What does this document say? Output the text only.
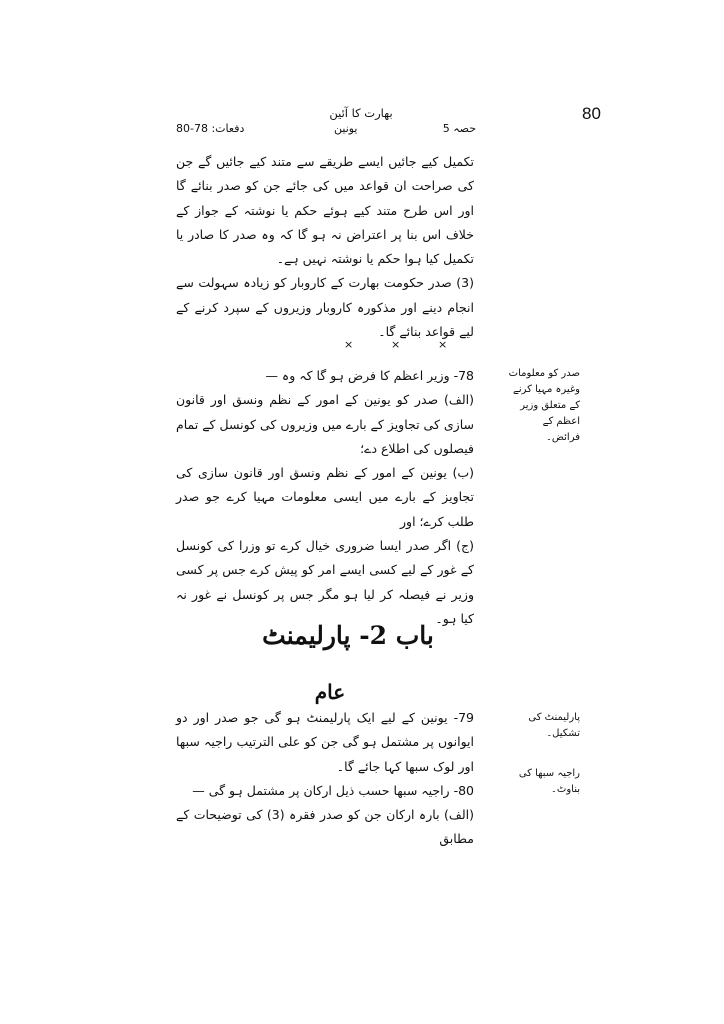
80
بھارت کا آئین
حصہ 5
یونین
دفعات: 78-80

تکمیل کیے جائیں ایسے طریقے سے متند کیے جائیں گے جن کی صراحت ان قواعد میں کی جائے جن کو صدر بنائے گا اور اس طرح متند کیے ہوئے حکم یا نوشتہ کے جواز کے خلاف اس بنا پر اعتراض نہ ہو گا کہ وہ صدر کا صادر یا تکمیل کیا ہوا حکم یا نوشتہ نہیں ہے۔

(3) صدر حکومت بھارت کے کاروبار کو زیادہ سہولت سے انجام دینے اور مذکورہ کاروبار وزیروں کے سپرد کرنے کے لیے قواعد بنائے گا۔

×	×	×

78- وزیر اعظم کا فرض ہو گا کہ وہ —

(الف) صدر کو یونین کے امور کے نظم ونسق اور قانون سازی کی تجاویز کے بارے میں وزیروں کی کونسل کے تمام فیصلوں کی اطلاع دے؛

(ب) یونین کے امور کے نظم ونسق اور قانون سازی کی تجاویز کے بارے میں ایسی معلومات مہیا کرے جو صدر طلب کرے؛ اور

(ج) اگر صدر ایسا ضروری خیال کرے تو وزرا کی کونسل کے غور کے لیے کسی ایسے امر کو پیش کرے جس پر کسی وزیر نے فیصلہ کر لیا ہو مگر جس پر کونسل نے غور نہ کیا ہو۔

صدر کو معلومات وغیرہ مہیا کرنے کے متعلق وزیر اعظم کے فرائض۔
باب 2- پارلیمنٹ
عام

79- یونین کے لیے ایک پارلیمنٹ ہو گی جو صدر اور دو ایوانوں پر مشتمل ہو گی جن کو علی الترتیب راجیہ سبھا اور لوک سبھا کہا جائے گا۔

80- راجیہ سبھا حسب ذیل ارکان پر مشتمل ہو گی —

(الف) بارہ ارکان جن کو صدر فقرہ (3) کی توضیحات کے مطابق

پارلیمنٹ کی تشکیل۔
راجیہ سبھا کی بناوٹ۔
